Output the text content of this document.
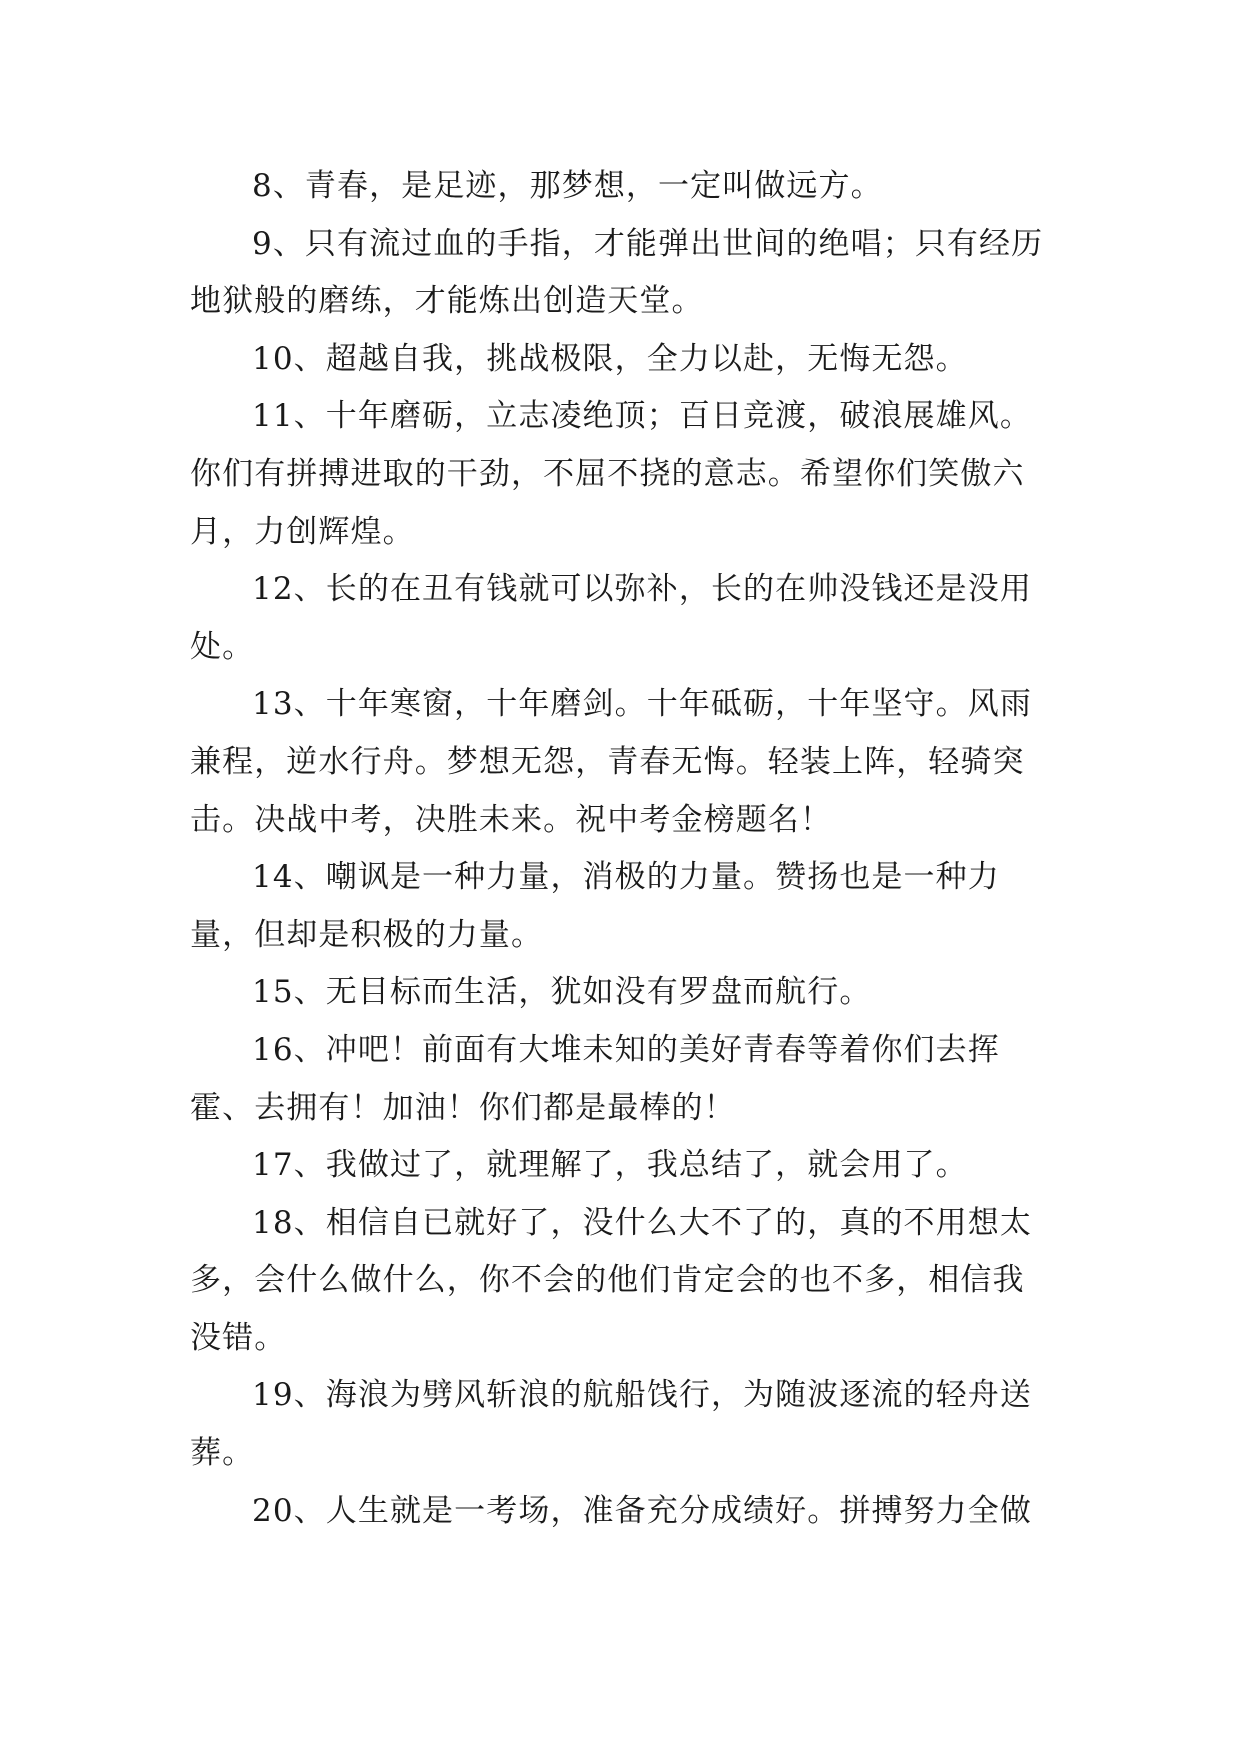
8、青春，是足迹，那梦想，一定叫做远方。

9、只有流过血的手指，才能弹出世间的绝唱；只有经历地狱般的磨练，才能炼出创造天堂。

10、超越自我，挑战极限，全力以赴，无悔无怨。

11、十年磨砺，立志凌绝顶；百日竞渡，破浪展雄风。你们有拼搏进取的干劲，不屈不挠的意志。希望你们笑傲六月，力创辉煌。

12、长的在丑有钱就可以弥补，长的在帅没钱还是没用处。

13、十年寒窗，十年磨剑。十年砥砺，十年坚守。风雨兼程，逆水行舟。梦想无怨，青春无悔。轻装上阵，轻骑突击。决战中考，决胜未来。祝中考金榜题名！

14、嘲讽是一种力量，消极的力量。赞扬也是一种力量，但却是积极的力量。

15、无目标而生活，犹如没有罗盘而航行。

16、冲吧！前面有大堆未知的美好青春等着你们去挥霍、去拥有！加油！你们都是最棒的！

17、我做过了，就理解了，我总结了，就会用了。

18、相信自已就好了，没什么大不了的，真的不用想太多，会什么做什么，你不会的他们肯定会的也不多，相信我没错。

19、海浪为劈风斩浪的航船饯行，为随波逐流的轻舟送葬。

20、人生就是一考场，准备充分成绩好。拼搏努力全做
